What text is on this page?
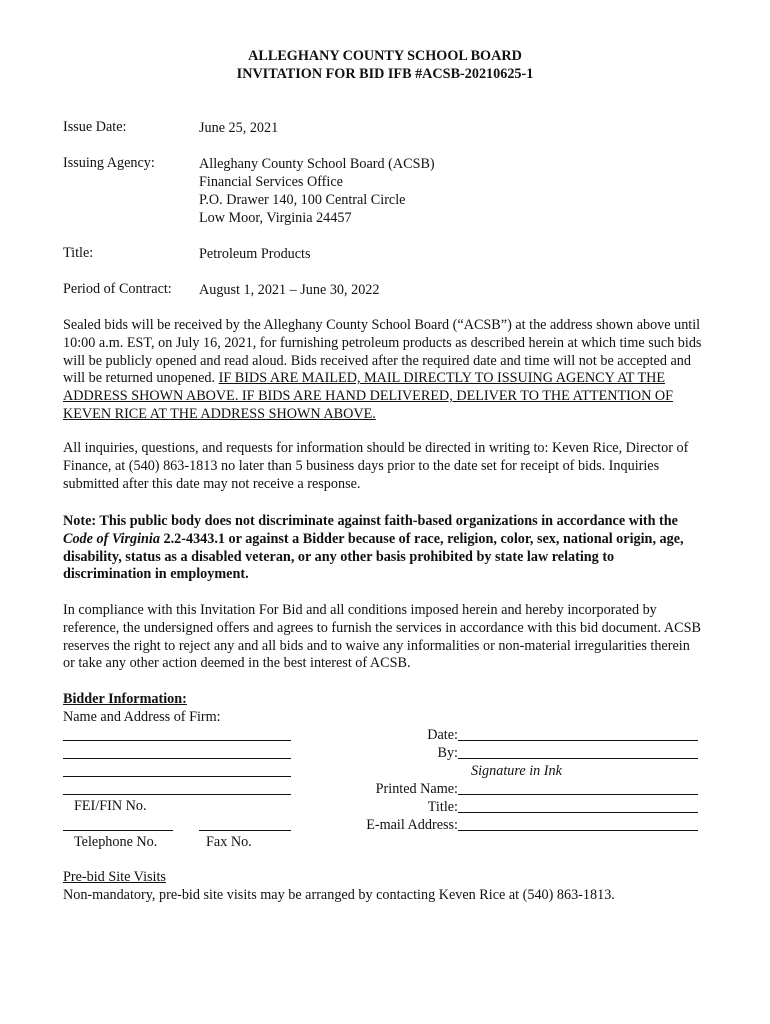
ALLEGHANY COUNTY SCHOOL BOARD
INVITATION FOR BID IFB #ACSB-20210625-1
Issue Date:	June 25, 2021
Issuing Agency:	Alleghany County School Board (ACSB)
Financial Services Office
P.O. Drawer 140, 100 Central Circle
Low Moor, Virginia 24457
Title:	Petroleum Products
Period of Contract: August 1, 2021 – June 30, 2022
Sealed bids will be received by the Alleghany County School Board (“ACSB”) at the address shown above until 10:00 a.m. EST, on July 16, 2021, for furnishing petroleum products as described herein at which time such bids will be publicly opened and read aloud. Bids received after the required date and time will not be accepted and will be returned unopened. IF BIDS ARE MAILED, MAIL DIRECTLY TO ISSUING AGENCY AT THE ADDRESS SHOWN ABOVE. IF BIDS ARE HAND DELIVERED, DELIVER TO THE ATTENTION OF KEVEN RICE AT THE ADDRESS SHOWN ABOVE.
All inquiries, questions, and requests for information should be directed in writing to: Keven Rice, Director of Finance, at (540) 863-1813 no later than 5 business days prior to the date set for receipt of bids. Inquiries submitted after this date may not receive a response.
Note: This public body does not discriminate against faith-based organizations in accordance with the Code of Virginia 2.2-4343.1 or against a Bidder because of race, religion, color, sex, national origin, age, disability, status as a disabled veteran, or any other basis prohibited by state law relating to discrimination in employment.
In compliance with this Invitation For Bid and all conditions imposed herein and hereby incorporated by reference, the undersigned offers and agrees to furnish the services in accordance with this bid document. ACSB reserves the right to reject any and all bids and to waive any informalities or non-material irregularities therein or take any other action deemed in the best interest of ACSB.
Bidder Information:
Name and Address of Firm:
FEI/FIN No.
Telephone No.	Fax No.
Date:
By:
Signature in Ink
Printed Name:
Title:
E-mail Address:
Pre-bid Site Visits
Non-mandatory, pre-bid site visits may be arranged by contacting Keven Rice at (540) 863-1813.
